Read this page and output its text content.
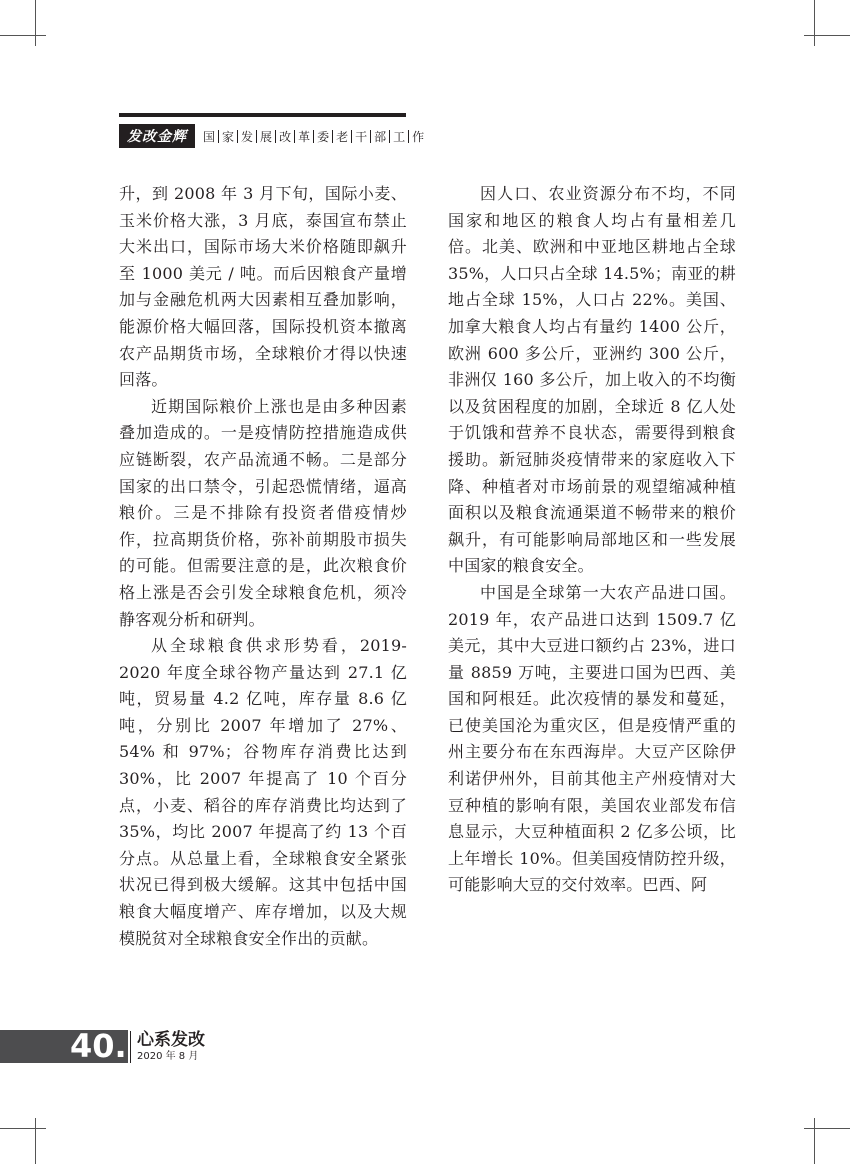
发改金辉	国 家 发 展 改 革 委 老 干 部 工 作

升，到 2008 年 3 月下旬，国际小麦、玉米价格大涨，3 月底，泰国宣布禁止大米出口，国际市场大米价格随即飙升至 1000 美元 / 吨。而后因粮食产量增加与金融危机两大因素相互叠加影响，能源价格大幅回落，国际投机资本撤离农产品期货市场，全球粮价才得以快速回落。

近期国际粮价上涨也是由多种因素叠加造成的。一是疫情防控措施造成供应链断裂，农产品流通不畅。二是部分国家的出口禁令，引起恐慌情绪，逼高粮价。三是不排除有投资者借疫情炒作，拉高期货价格，弥补前期股市损失的可能。但需要注意的是，此次粮食价格上涨是否会引发全球粮食危机，须冷静客观分析和研判。

从全球粮食供求形势看，2019-2020 年度全球谷物产量达到 27.1 亿吨，贸易量 4.2 亿吨，库存量 8.6 亿吨，分别比 2007 年增加了 27%、54% 和 97%；谷物库存消费比达到 30%，比 2007 年提高了 10 个百分点，小麦、稻谷的库存消费比均达到了 35%，均比 2007 年提高了约 13 个百分点。从总量上看，全球粮食安全紧张状况已得到极大缓解。这其中包括中国粮食大幅度增产、库存增加，以及大规模脱贫对全球粮食安全作出的贡献。

因人口、农业资源分布不均，不同国家和地区的粮食人均占有量相差几倍。北美、欧洲和中亚地区耕地占全球 35%，人口只占全球 14.5%；南亚的耕地占全球 15%，人口占 22%。美国、加拿大粮食人均占有量约 1400 公斤，欧洲 600 多公斤，亚洲约 300 公斤，非洲仅 160 多公斤，加上收入的不均衡以及贫困程度的加剧，全球近 8 亿人处于饥饿和营养不良状态，需要得到粮食援助。新冠肺炎疫情带来的家庭收入下降、种植者对市场前景的观望缩减种植面积以及粮食流通渠道不畅带来的粮价飙升，有可能影响局部地区和一些发展中国家的粮食安全。

中国是全球第一大农产品进口国。2019 年，农产品进口达到 1509.7 亿美元，其中大豆进口额约占 23%，进口量 8859 万吨，主要进口国为巴西、美国和阿根廷。此次疫情的暴发和蔓延，已使美国沦为重灾区，但是疫情严重的州主要分布在东西海岸。大豆产区除伊利诺伊州外，目前其他主产州疫情对大豆种植的影响有限，美国农业部发布信息显示，大豆种植面积 2 亿多公顷，比上年增长 10%。但美国疫情防控升级，可能影响大豆的交付效率。巴西、阿

40. 心系发改
2020 年 8 月
